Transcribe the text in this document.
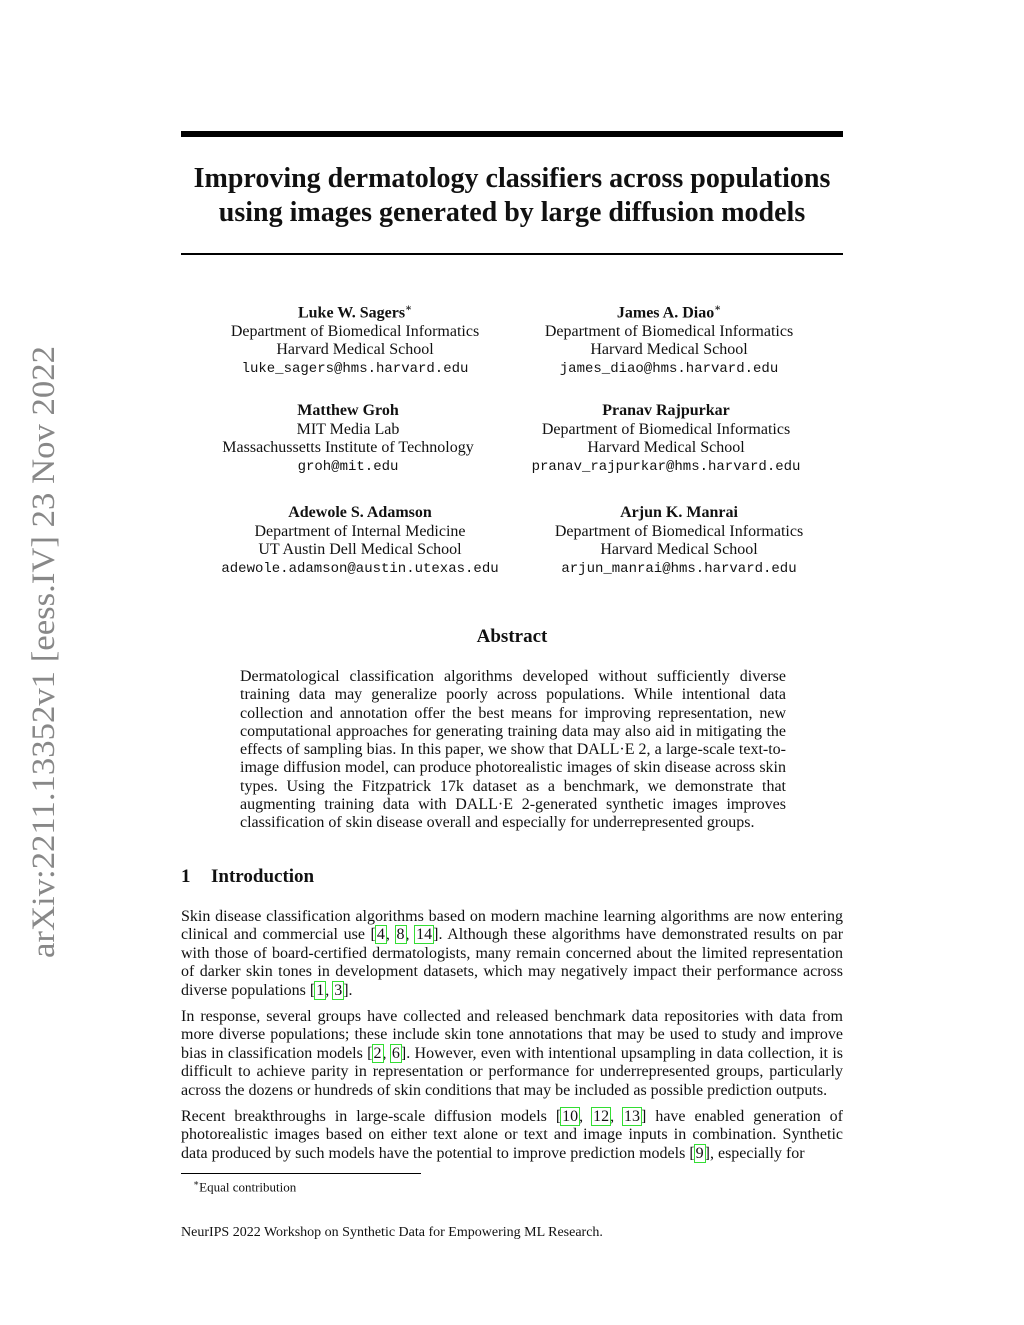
arXiv:2211.13352v1 [eess.IV] 23 Nov 2022
Improving dermatology classifiers across populations
using images generated by large diffusion models
Luke W. Sagers∗
Department of Biomedical Informatics
Harvard Medical School
luke_sagers@hms.harvard.edu
James A. Diao∗
Department of Biomedical Informatics
Harvard Medical School
james_diao@hms.harvard.edu
Matthew Groh
MIT Media Lab
Massachussetts Institute of Technology
groh@mit.edu
Pranav Rajpurkar
Department of Biomedical Informatics
Harvard Medical School
pranav_rajpurkar@hms.harvard.edu
Adewole S. Adamson
Department of Internal Medicine
UT Austin Dell Medical School
adewole.adamson@austin.utexas.edu
Arjun K. Manrai
Department of Biomedical Informatics
Harvard Medical School
arjun_manrai@hms.harvard.edu
Abstract

Dermatological classification algorithms developed without sufficiently diverse training data may generalize poorly across populations. While intentional data collection and annotation offer the best means for improving representation, new computational approaches for generating training data may also aid in mitigating the effects of sampling bias. In this paper, we show that DALL·E 2, a large-scale text-to-image diffusion model, can produce photorealistic images of skin disease across skin types. Using the Fitzpatrick 17k dataset as a benchmark, we demonstrate that augmenting training data with DALL·E 2-generated synthetic images improves classification of skin disease overall and especially for underrepresented groups.

1 Introduction

Skin disease classification algorithms based on modern machine learning algorithms are now entering clinical and commercial use [4, 8, 14]. Although these algorithms have demonstrated results on par with those of board-certified dermatologists, many remain concerned about the limited representation of darker skin tones in development datasets, which may negatively impact their performance across diverse populations [1, 3].

In response, several groups have collected and released benchmark data repositories with data from more diverse populations; these include skin tone annotations that may be used to study and improve bias in classification models [2, 6]. However, even with intentional upsampling in data collection, it is difficult to achieve parity in representation or performance for underrepresented groups, particularly across the dozens or hundreds of skin conditions that may be included as possible prediction outputs.

Recent breakthroughs in large-scale diffusion models [10, 12, 13] have enabled generation of photorealistic images based on either text alone or text and image inputs in combination. Synthetic data produced by such models have the potential to improve prediction models [9], especially for

∗Equal contribution
NeurIPS 2022 Workshop on Synthetic Data for Empowering ML Research.
